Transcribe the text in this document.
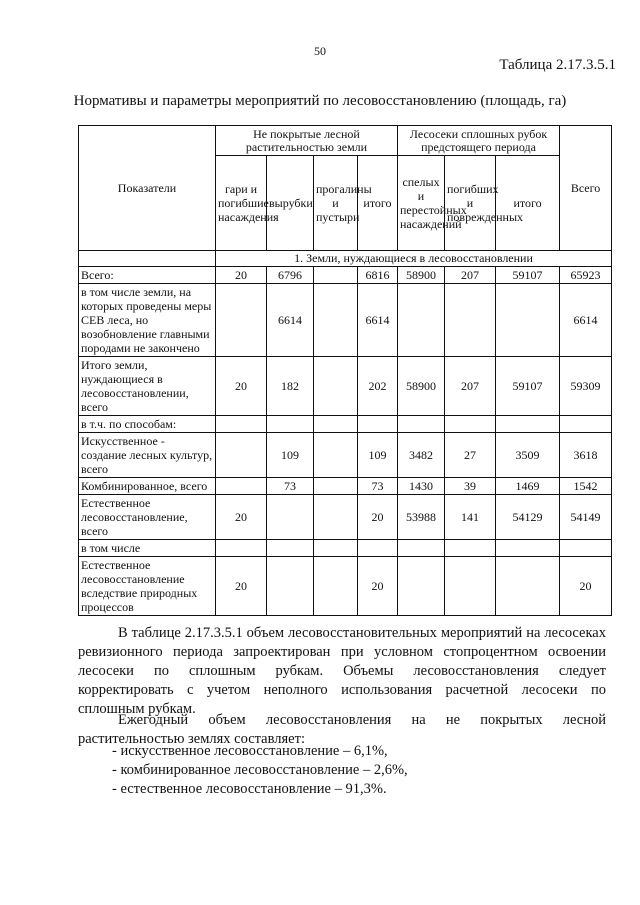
50
Таблица 2.17.3.5.1
Нормативы и параметры мероприятий по лесовосстановлению (площадь, га)
Показатели	Не покрытые лесной растительностью земли				Лесосеки сплошных рубок предстоящего периода			Всего
	гари и погибшие насаждения	вырубки	прогалины и пустыри	итого	спелых и перестойных насаждений	погибших и поврежденных	итого	
	1. Земли, нуждающиеся в лесовосстановлении							
Всего:	20	6796		6816	58900	207	59107	65923
в том числе земли, на которых проведены меры СЕВ леса, но возобновление главными породами не закончено		6614		6614				6614
Итого земли, нуждающиеся в лесовосстановлении, всего	20	182		202	58900	207	59107	59309
в т.ч. по способам:								
Искусственное - создание лесных культур, всего		109		109	3482	27	3509	3618
Комбинированное, всего		73		73	1430	39	1469	1542
Естественное лесовосстановление, всего	20			20	53988	141	54129	54149
в том числе								
Естественное лесовосстановление вследствие природных процессов	20			20				20
В таблице 2.17.3.5.1 объем лесовосстановительных мероприятий на лесосеках ревизионного периода запроектирован при условном стопроцентном освоении лесосеки по сплошным рубкам. Объемы лесовосстановления следует корректировать с учетом неполного использования расчетной лесосеки по сплошным рубкам.
Ежегодный объем лесовосстановления на не покрытых лесной растительностью землях составляет:
- искусственное лесовосстановление – 6,1%,
- комбинированное лесовосстановление – 2,6%,
- естественное лесовосстановление – 91,3%.
